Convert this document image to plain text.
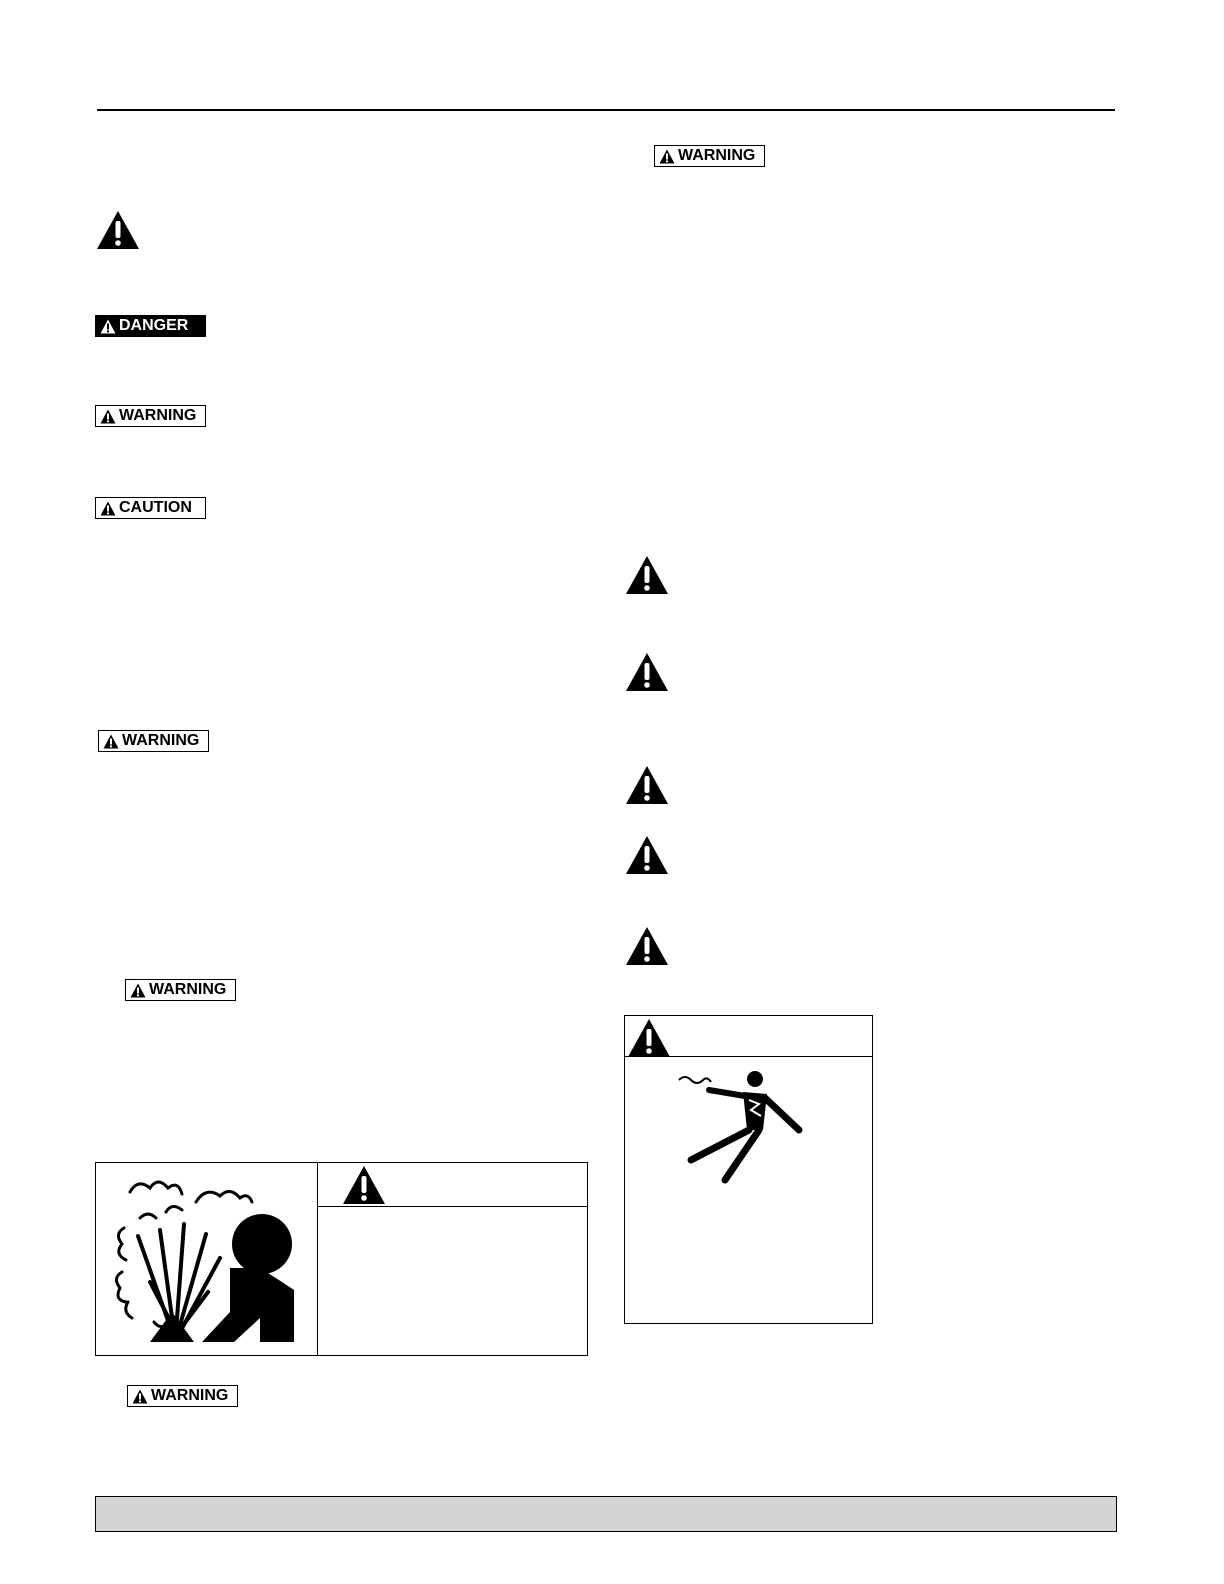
DANGER
WARNING
CAUTION
WARNING
WARNING
WARNING
WARNING
